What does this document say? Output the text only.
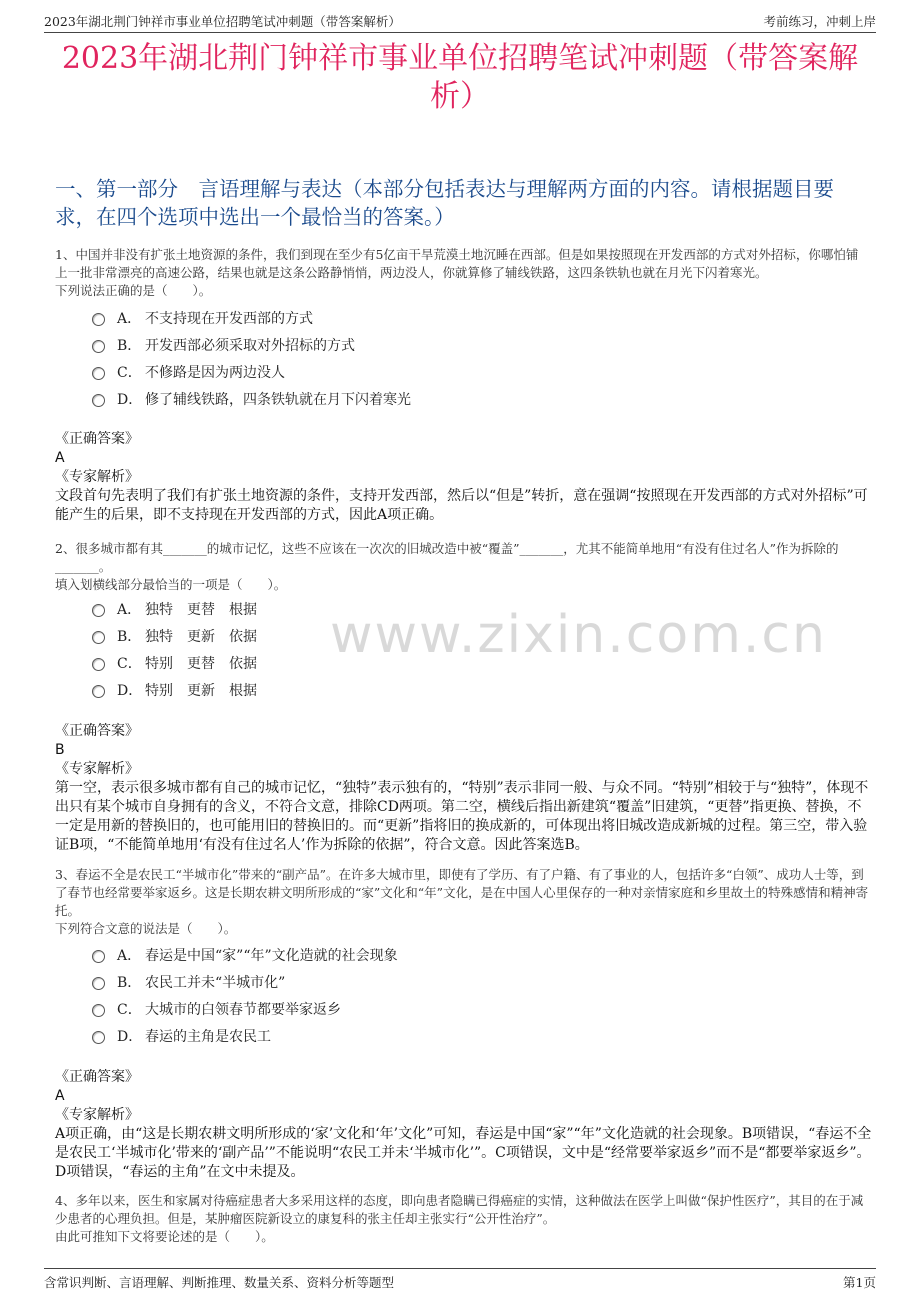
2023年湖北荆门钟祥市事业单位招聘笔试冲刺题（带答案解析）	考前练习，冲刺上岸
2023年湖北荆门钟祥市事业单位招聘笔试冲刺题（带答案解析）
一、第一部分　言语理解与表达（本部分包括表达与理解两方面的内容。请根据题目要求，在四个选项中选出一个最恰当的答案。）

1、中国并非没有扩张土地资源的条件，我们到现在至少有5亿亩干旱荒漠土地沉睡在西部。但是如果按照现在开发西部的方式对外招标，你哪怕铺上一批非常漂亮的高速公路，结果也就是这条公路静悄悄，两边没人，你就算修了辅线铁路，这四条铁轨也就在月光下闪着寒光。

下列说法正确的是（　　）。

A． 不支持现在开发西部的方式
B． 开发西部必须采取对外招标的方式
C． 不修路是因为两边没人
D． 修了辅线铁路，四条铁轨就在月下闪着寒光

《正确答案》

A

《专家解析》

文段首句先表明了我们有扩张土地资源的条件，支持开发西部，然后以“但是”转折，意在强调“按照现在开发西部的方式对外招标”可能产生的后果，即不支持现在开发西部的方式，因此A项正确。

2、很多城市都有其_______的城市记忆，这些不应该在一次次的旧城改造中被“覆盖”_______，尤其不能简单地用“有没有住过名人”作为拆除的_______。

填入划横线部分最恰当的一项是（　　）。

A． 独特　更替　根据
B． 独特　更新　依据
C． 特别　更替　依据
D． 特别　更新　根据

《正确答案》

B

《专家解析》

第一空，表示很多城市都有自己的城市记忆，“独特”表示独有的，“特别”表示非同一般、与众不同。“特别”相较于与“独特”，体现不出只有某个城市自身拥有的含义，不符合文意，排除CD两项。第二空，横线后指出新建筑“覆盖”旧建筑，“更替”指更换、替换，不一定是用新的替换旧的，也可能用旧的替换旧的。而“更新”指将旧的换成新的，可体现出将旧城改造成新城的过程。第三空，带入验证B项，“不能简单地用‘有没有住过名人’作为拆除的依据”，符合文意。因此答案选B。

www.zixin.com.cn

3、春运不全是农民工“半城市化”带来的“副产品”。在许多大城市里，即使有了学历、有了户籍、有了事业的人，包括许多“白领”、成功人士等，到了春节也经常要举家返乡。这是长期农耕文明所形成的“家”文化和“年”文化，是在中国人心里保存的一种对亲情家庭和乡里故土的特殊感情和精神寄托。

下列符合文意的说法是（　　）。

A． 春运是中国“家”“年”文化造就的社会现象
B． 农民工并未“半城市化”
C． 大城市的白领春节都要举家返乡
D． 春运的主角是农民工

《正确答案》

A

《专家解析》

A项正确，由“这是长期农耕文明所形成的‘家’文化和‘年’文化”可知，春运是中国“家”“年”文化造就的社会现象。B项错误，“春运不全是农民工‘半城市化’带来的‘副产品’”不能说明“农民工并未‘半城市化’”。C项错误，文中是“经常要举家返乡”而不是“都要举家返乡”。D项错误，“春运的主角”在文中未提及。

4、多年以来，医生和家属对待癌症患者大多采用这样的态度，即向患者隐瞒已得癌症的实情，这种做法在医学上叫做“保护性医疗”，其目的在于减少患者的心理负担。但是，某肿瘤医院新设立的康复科的张主任却主张实行“公开性治疗”。

由此可推知下文将要论述的是（　　）。

含常识判断、言语理解、判断推理、数量关系、资料分析等题型	第1页
